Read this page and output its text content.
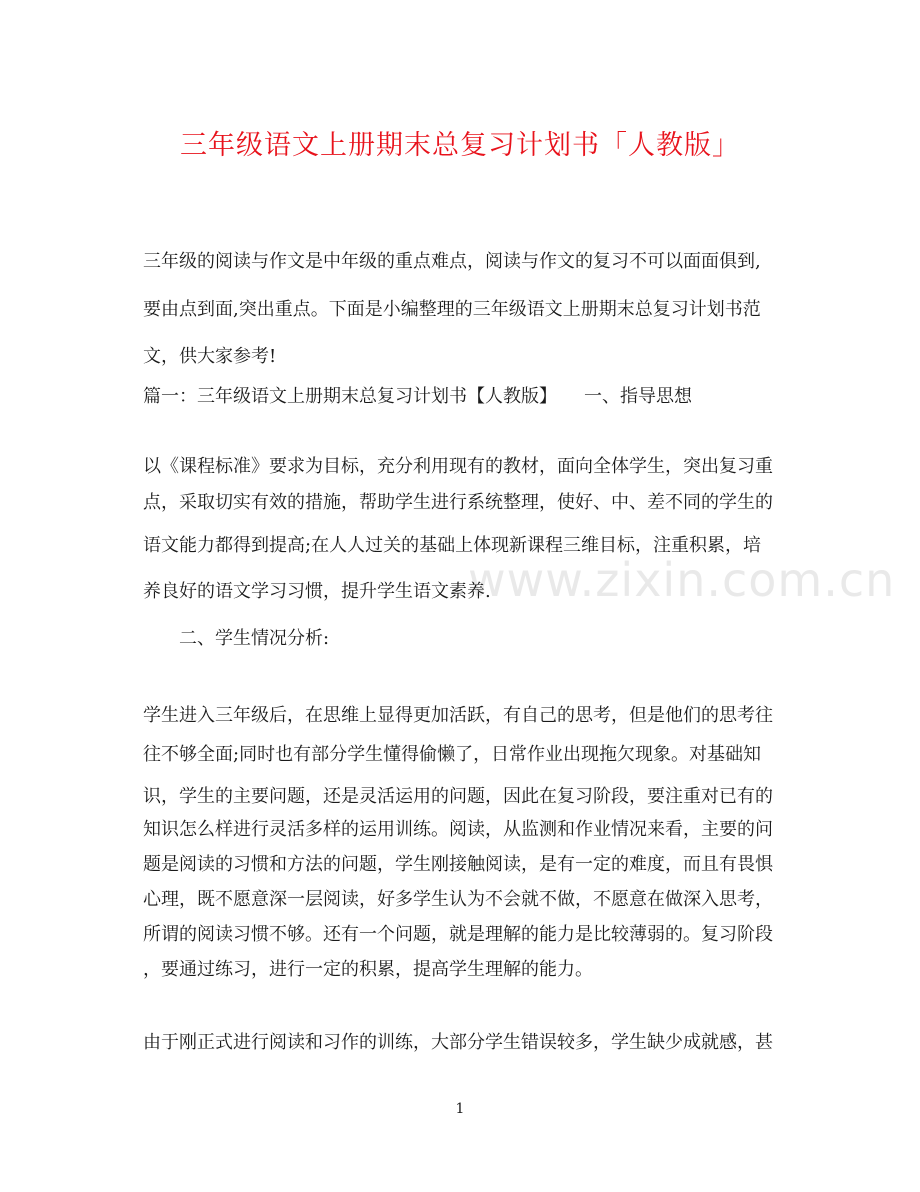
三年级语文上册期末总复习计划书「人教版」
www.zixin.com.cn
三年级的阅读与作文是中年级的重点难点，阅读与作文的复习不可以面面俱到,
要由点到面,突出重点。下面是小编整理的三年级语文上册期末总复习计划书范
文，供大家参考!
篇一：三年级语文上册期末总复习计划书【人教版】　　一、指导思想
以《课程标准》要求为目标，充分利用现有的教材，面向全体学生，突出复习重
点，采取切实有效的措施，帮助学生进行系统整理，使好、中、差不同的学生的
语文能力都得到提高;在人人过关的基础上体现新课程三维目标，注重积累，培
养良好的语文学习习惯，提升学生语文素养.
　　二、学生情况分析:
学生进入三年级后，在思维上显得更加活跃，有自己的思考，但是他们的思考往
往不够全面;同时也有部分学生懂得偷懒了，日常作业出现拖欠现象。对基础知
识，学生的主要问题，还是灵活运用的问题，因此在复习阶段，要注重对已有的
知识怎么样进行灵活多样的运用训练。阅读，从监测和作业情况来看，主要的问
题是阅读的习惯和方法的问题，学生刚接触阅读，是有一定的难度，而且有畏惧
心理，既不愿意深一层阅读，好多学生认为不会就不做，不愿意在做深入思考，
所谓的阅读习惯不够。还有一个问题，就是理解的能力是比较薄弱的。复习阶段
，要通过练习，进行一定的积累，提高学生理解的能力。
由于刚正式进行阅读和习作的训练，大部分学生错误较多，学生缺少成就感，甚
1
